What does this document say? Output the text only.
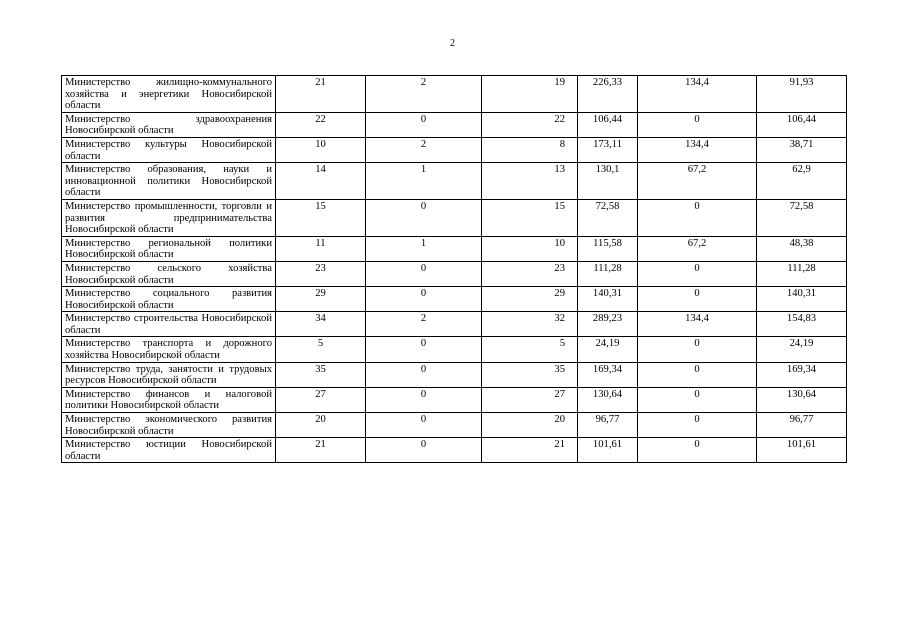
2
Министерство жилищно-коммунального хозяйства и энергетики Новосибирской области	21	2	19	226,33	134,4	91,93
Министерство здравоохранения Новосибирской области	22	0	22	106,44	0	106,44
Министерство культуры Новосибирской области	10	2	8	173,11	134,4	38,71
Министерство образования, науки и инновационной политики Новосибирской области	14	1	13	130,1	67,2	62,9
Министерство промышленности, торговли и развития предпринимательства Новосибирской области	15	0	15	72,58	0	72,58
Министерство региональной политики Новосибирской области	11	1	10	115,58	67,2	48,38
Министерство сельского хозяйства Новосибирской области	23	0	23	111,28	0	111,28
Министерство социального развития Новосибирской области	29	0	29	140,31	0	140,31
Министерство строительства Новосибирской области	34	2	32	289,23	134,4	154,83
Министерство транспорта и дорожного хозяйства Новосибирской области	5	0	5	24,19	0	24,19
Министерство труда, занятости и трудовых ресурсов Новосибирской области	35	0	35	169,34	0	169,34
Министерство финансов и налоговой политики Новосибирской области	27	0	27	130,64	0	130,64
Министерство экономического развития Новосибирской области	20	0	20	96,77	0	96,77
Министерство юстиции Новосибирской области	21	0	21	101,61	0	101,61
